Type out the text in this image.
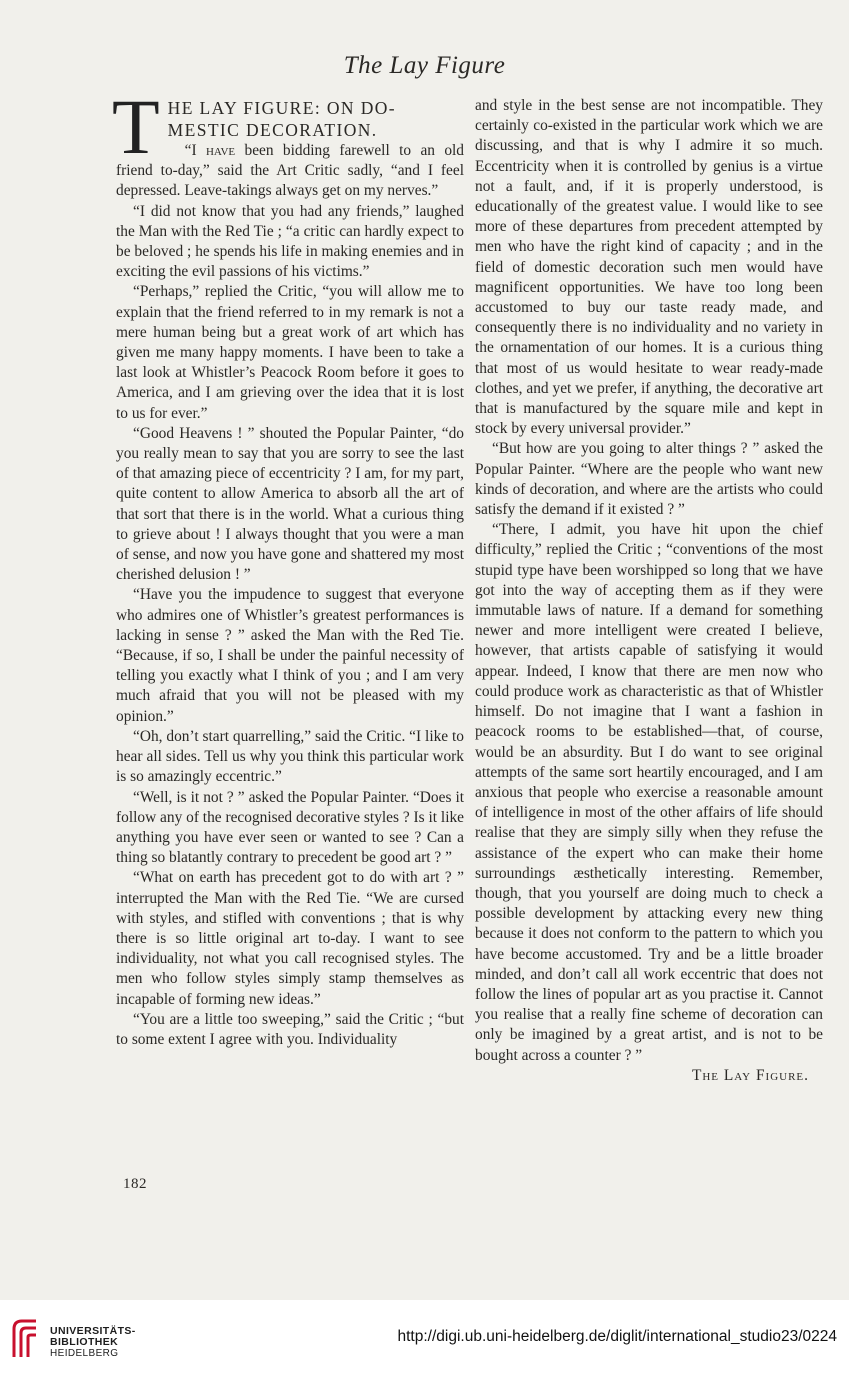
The Lay Figure
T HE LAY FIGURE: ON DO-
MESTIC DECORATION.

“I have been bidding farewell to an old friend to-day,” said the Art Critic sadly, “and I feel depressed. Leave-takings always get on my nerves.”

“I did not know that you had any friends,” laughed the Man with the Red Tie ; “a critic can hardly expect to be beloved ; he spends his life in making enemies and in exciting the evil passions of his victims.”

“Perhaps,” replied the Critic, “you will allow me to explain that the friend referred to in my remark is not a mere human being but a great work of art which has given me many happy moments. I have been to take a last look at Whistler’s Peacock Room before it goes to America, and I am grieving over the idea that it is lost to us for ever.”

“Good Heavens ! ” shouted the Popular Painter, “do you really mean to say that you are sorry to see the last of that amazing piece of eccentricity ? I am, for my part, quite content to allow America to absorb all the art of that sort that there is in the world. What a curious thing to grieve about ! I always thought that you were a man of sense, and now you have gone and shattered my most cherished delusion ! ”

“Have you the impudence to suggest that everyone who admires one of Whistler’s greatest performances is lacking in sense ? ” asked the Man with the Red Tie. “Because, if so, I shall be under the painful necessity of telling you exactly what I think of you ; and I am very much afraid that you will not be pleased with my opinion.”

“Oh, don’t start quarrelling,” said the Critic. “I like to hear all sides. Tell us why you think this particular work is so amazingly eccentric.”

“Well, is it not ? ” asked the Popular Painter. “Does it follow any of the recognised decorative styles ? Is it like anything you have ever seen or wanted to see ? Can a thing so blatantly contrary to precedent be good art ? ”

“What on earth has precedent got to do with art ? ” interrupted the Man with the Red Tie. “We are cursed with styles, and stifled with conventions ; that is why there is so little original art to-day. I want to see individuality, not what you call recognised styles. The men who follow styles simply stamp themselves as incapable of forming new ideas.”

“You are a little too sweeping,” said the Critic ; “but to some extent I agree with you. Individuality

and style in the best sense are not incompatible. They certainly co-existed in the particular work which we are discussing, and that is why I admire it so much. Eccentricity when it is controlled by genius is a virtue not a fault, and, if it is properly understood, is educationally of the greatest value. I would like to see more of these departures from precedent attempted by men who have the right kind of capacity ; and in the field of domestic decoration such men would have magnificent opportunities. We have too long been accustomed to buy our taste ready made, and consequently there is no individuality and no variety in the ornamentation of our homes. It is a curious thing that most of us would hesitate to wear ready-made clothes, and yet we prefer, if anything, the decorative art that is manufactured by the square mile and kept in stock by every universal provider.”

“But how are you going to alter things ? ” asked the Popular Painter. “Where are the people who want new kinds of decoration, and where are the artists who could satisfy the demand if it existed ? ”

“There, I admit, you have hit upon the chief difficulty,” replied the Critic ; “conventions of the most stupid type have been worshipped so long that we have got into the way of accepting them as if they were immutable laws of nature. If a demand for something newer and more intelligent were created I believe, however, that artists capable of satisfying it would appear. Indeed, I know that there are men now who could produce work as characteristic as that of Whistler himself. Do not imagine that I want a fashion in peacock rooms to be established—that, of course, would be an absurdity. But I do want to see original attempts of the same sort heartily encouraged, and I am anxious that people who exercise a reasonable amount of intelligence in most of the other affairs of life should realise that they are simply silly when they refuse the assistance of the expert who can make their home surroundings æsthetically interesting. Remember, though, that you yourself are doing much to check a possible development by attacking every new thing because it does not conform to the pattern to which you have become accustomed. Try and be a little broader minded, and don’t call all work eccentric that does not follow the lines of popular art as you practise it. Cannot you realise that a really fine scheme of decoration can only be imagined by a great artist, and is not to be bought across a counter ? ”

The Lay Figure.
182
UNIVERSITÄTS-
BIBLIOTHEK
HEIDELBERG
http://digi.ub.uni-heidelberg.de/diglit/international_studio23/0224
